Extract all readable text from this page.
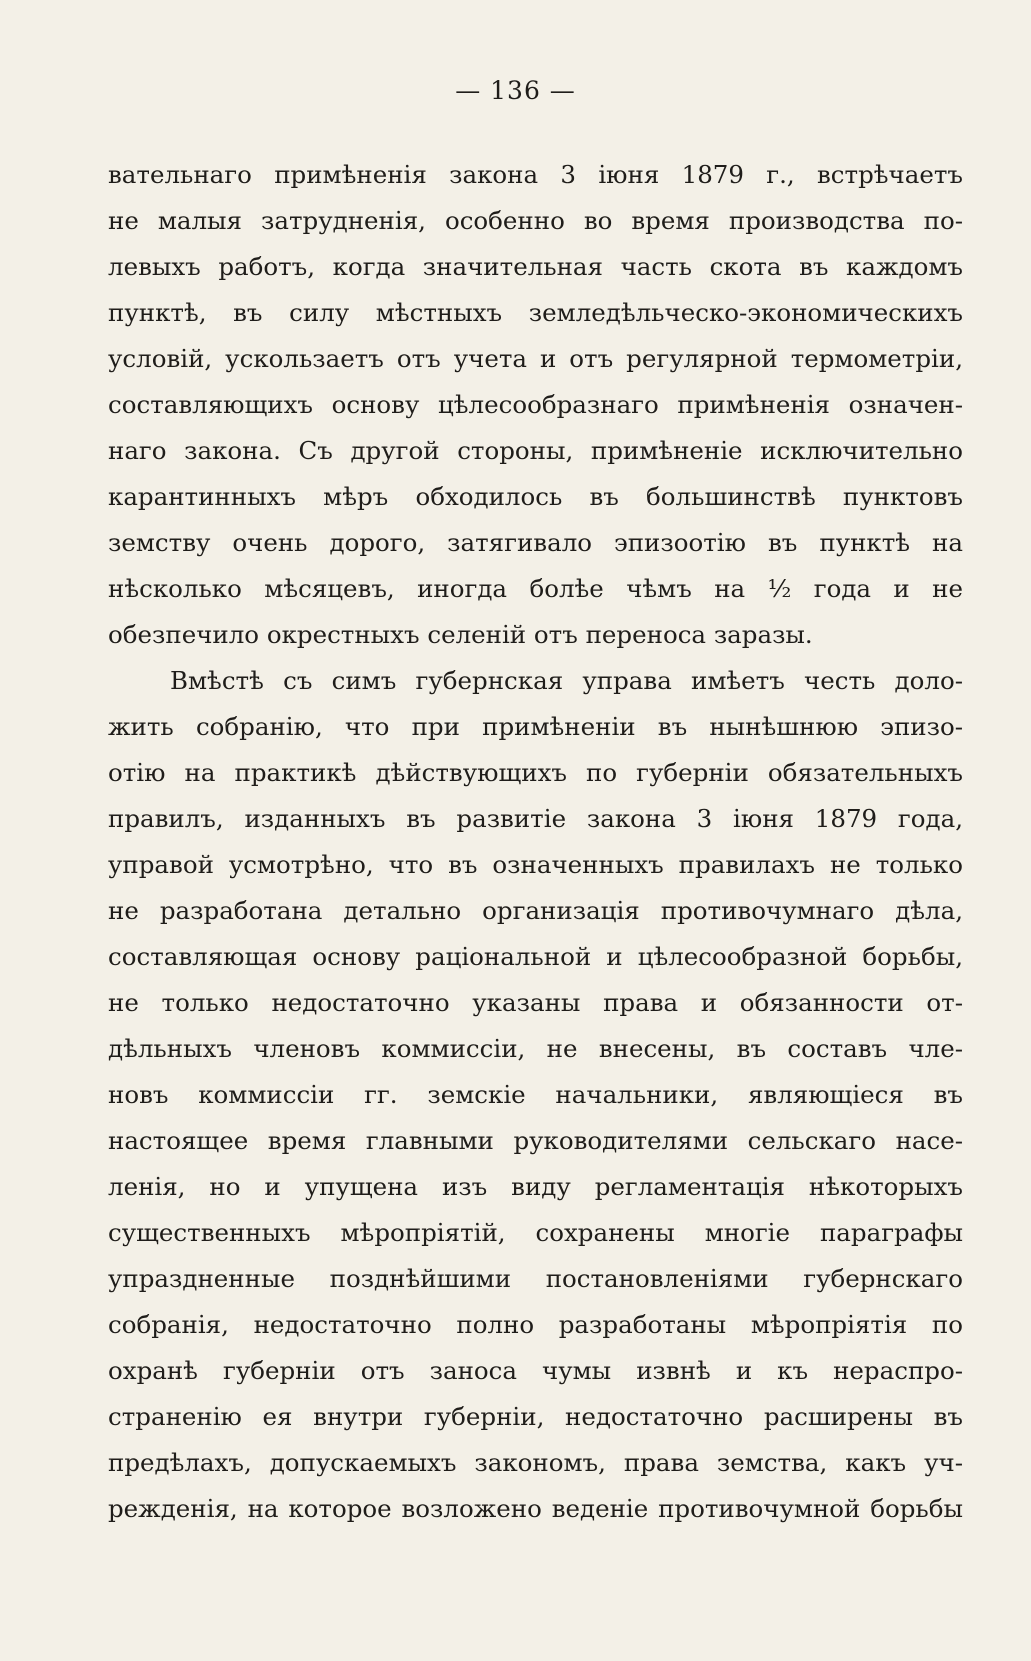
— 136 —
вательнаго примѣненія закона 3 іюня 1879 г., встрѣчаетъ
не малыя затрудненія, особенно во время производства по-
левыхъ работъ, когда значительная часть скота въ каждомъ
пунктѣ, въ силу мѣстныхъ земледѣльческо-экономическихъ
условій, ускользаетъ отъ учета и отъ регулярной термометріи,
составляющихъ основу цѣлесообразнаго примѣненія означен-
наго закона. Съ другой стороны, примѣненіе исключительно
карантинныхъ мѣръ обходилось въ большинствѣ пунктовъ
земству очень дорого, затягивало эпизоотію въ пунктѣ на
нѣсколько мѣсяцевъ, иногда болѣе чѣмъ на ½ года и не
обезпечило окрестныхъ селеній отъ переноса заразы.
Вмѣстѣ съ симъ губернская управа имѣетъ честь доло-
жить собранію, что при примѣненіи въ нынѣшнюю эпизо-
отію на практикѣ дѣйствующихъ по губерніи обязательныхъ
правилъ, изданныхъ въ развитіе закона 3 іюня 1879 года,
управой усмотрѣно, что въ означенныхъ правилахъ не только
не разработана детально организація противочумнаго дѣла,
составляющая основу раціональной и цѣлесообразной борьбы,
не только недостаточно указаны права и обязанности от-
дѣльныхъ членовъ коммиссіи, не внесены, въ составъ чле-
новъ коммиссіи гг. земскіе начальники, являющіеся въ
настоящее время главными руководителями сельскаго насе-
ленія, но и упущена изъ виду регламентація нѣкоторыхъ
существенныхъ мѣропріятій, сохранены многіе параграфы
упраздненные позднѣйшими постановленіями губернскаго
собранія, недостаточно полно разработаны мѣропріятія по
охранѣ губерніи отъ заноса чумы извнѣ и къ нераспро-
страненію ея внутри губерніи, недостаточно расширены въ
предѣлахъ, допускаемыхъ закономъ, права земства, какъ уч-
режденія, на которое возложено веденіе противочумной борьбы
